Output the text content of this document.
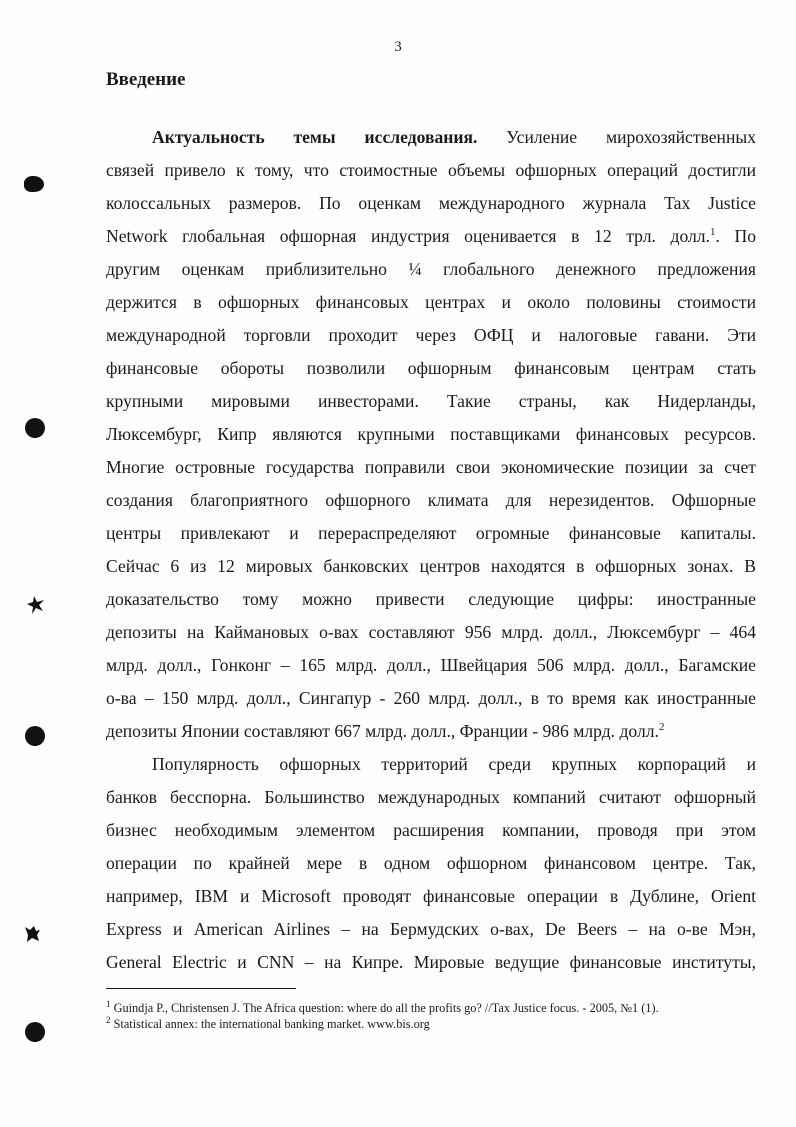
3
Введение
Актуальность темы исследования. Усиление мирохозяйственных
связей привело к тому, что стоимостные объемы офшорных операций достигли
колоссальных размеров. По оценкам международного журнала Tax Justice
Network глобальная офшорная индустрия оценивается в 12 трл. долл.$^1$. По
другим оценкам приблизительно ¼ глобального денежного предложения
держится в офшорных финансовых центрах и около половины стоимости
международной торговли проходит через ОФЦ и налоговые гавани. Эти
финансовые обороты позволили офшорным финансовым центрам стать
крупными мировыми инвесторами. Такие страны, как Нидерланды,
Люксембург, Кипр являются крупными поставщиками финансовых ресурсов.
Многие островные государства поправили свои экономические позиции за счет
создания благоприятного офшорного климата для нерезидентов. Офшорные
центры привлекают и перераспределяют огромные финансовые капиталы.
Сейчас 6 из 12 мировых банковских центров находятся в офшорных зонах. В
доказательство тому можно привести следующие цифры: иностранные
депозиты на Каймановых о-вах составляют 956 млрд. долл., Люксембург – 464
млрд. долл., Гонконг – 165 млрд. долл., Швейцария 506 млрд. долл., Багамские
о-ва – 150 млрд. долл., Сингапур - 260 млрд. долл., в то время как иностранные
депозиты Японии составляют 667 млрд. долл., Франции - 986 млрд. долл.$^2$
Популярность офшорных территорий среди крупных корпораций и
банков бесспорна. Большинство международных компаний считают офшорный
бизнес необходимым элементом расширения компании, проводя при этом
операции по крайней мере в одном офшорном финансовом центре. Так,
например, IBM и Microsoft проводят финансовые операции в Дублине, Orient
Express и American Airlines – на Бермудских о-вах, De Beers – на о-ве Мэн,
General Electric и CNN – на Кипре. Мировые ведущие финансовые институты,
$^1$ Guindja P., Christensen J. The Africa question: where do all the profits go? //Tax Justice focus. - 2005, №1 (1).
$^2$ Statistical annex: the international banking market. www.bis.org
